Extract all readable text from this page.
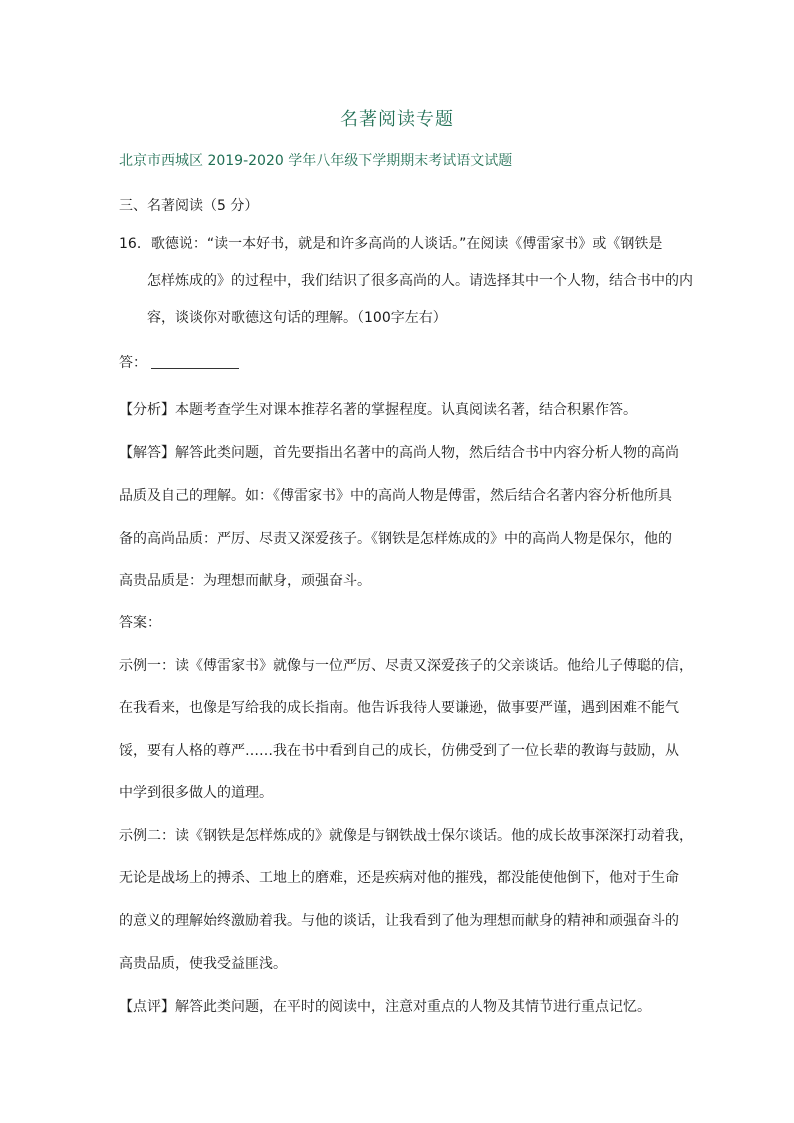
名著阅读专题
北京市西城区 2019-2020 学年八年级下学期期末考试语文试题
三、名著阅读（5 分）
16．歌德说：“读一本好书，就是和许多高尚的人谈话。”在阅读《傅雷家书》或《钢铁是
怎样炼成的》的过程中，我们结识了很多高尚的人。请选择其中一个人物，结合书中的内
容，谈谈你对歌德这句话的理解。（100字左右）
答：
【分析】本题考查学生对课本推荐名著的掌握程度。认真阅读名著，结合积累作答。
【解答】解答此类问题，首先要指出名著中的高尚人物，然后结合书中内容分析人物的高尚
品质及自己的理解。如：《傅雷家书》中的高尚人物是傅雷，然后结合名著内容分析他所具
备的高尚品质：严厉、尽责又深爱孩子。《钢铁是怎样炼成的》中的高尚人物是保尔，他的
高贵品质是：为理想而献身，顽强奋斗。
答案：
示例一：读《傅雷家书》就像与一位严厉、尽责又深爱孩子的父亲谈话。他给儿子傅聪的信，
在我看来，也像是写给我的成长指南。他告诉我待人要谦逊，做事要严谨，遇到困难不能气
馁，要有人格的尊严……我在书中看到自己的成长，仿佛受到了一位长辈的教诲与鼓励，从
中学到很多做人的道理。
示例二：读《钢铁是怎样炼成的》就像是与钢铁战士保尔谈话。他的成长故事深深打动着我，
无论是战场上的搏杀、工地上的磨难，还是疾病对他的摧残，都没能使他倒下，他对于生命
的意义的理解始终激励着我。与他的谈话，让我看到了他为理想而献身的精神和顽强奋斗的
高贵品质，使我受益匪浅。
【点评】解答此类问题，在平时的阅读中，注意对重点的人物及其情节进行重点记忆。
